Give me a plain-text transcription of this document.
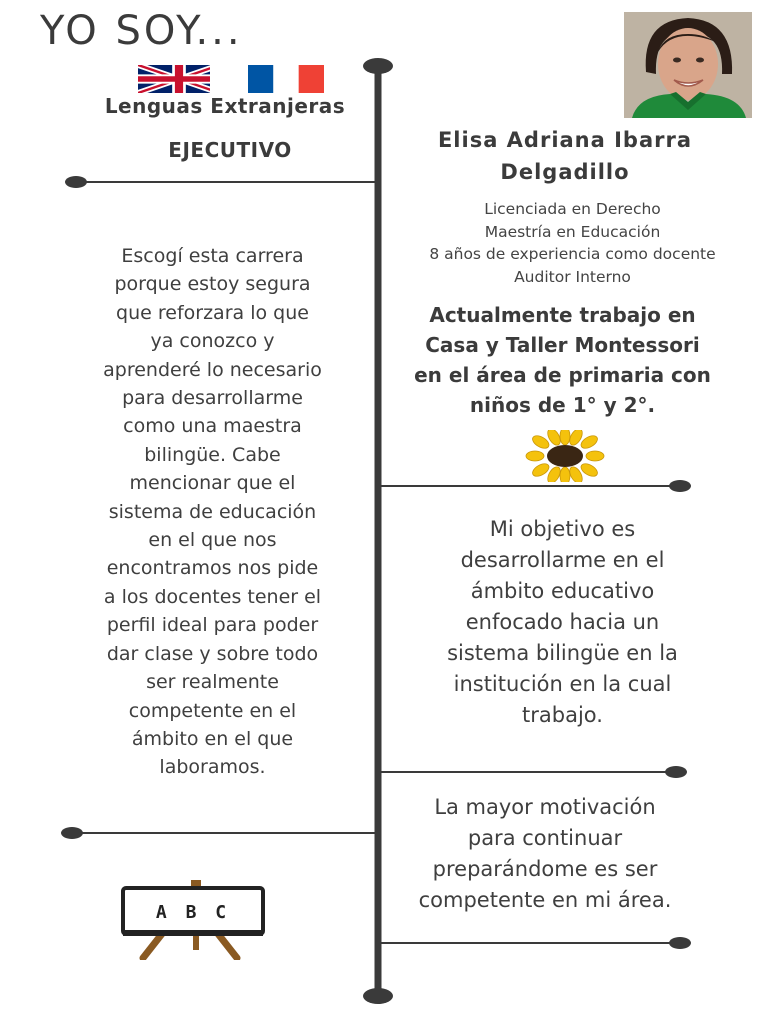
YO SOY...
Lenguas Extranjeras
EJECUTIVO	Elisa Adriana Ibarra
Delgadillo
Licenciada en Derecho
Maestría en Educación
8 años de experiencia como docente
Auditor Interno
Actualmente trabajo en
Casa y Taller Montessori
en el área de primaria con
niños de 1° y 2°.
Escogí esta carrera
porque estoy segura
que reforzara lo que
ya conozco y
aprenderé lo necesario
para desarrollarme
como una maestra
bilingüe. Cabe
mencionar que el
sistema de educación
en el que nos
encontramos nos pide
a los docentes tener el
perfil ideal para poder
dar clase y sobre todo
ser realmente
competente en el
ámbito en el que
laboramos.
Mi objetivo es
desarrollarme en el
ámbito educativo
enfocado hacia un
sistema bilingüe en la
institución en la cual
trabajo.
La mayor motivación
para continuar
preparándome es ser
competente en mi área.
A B C
